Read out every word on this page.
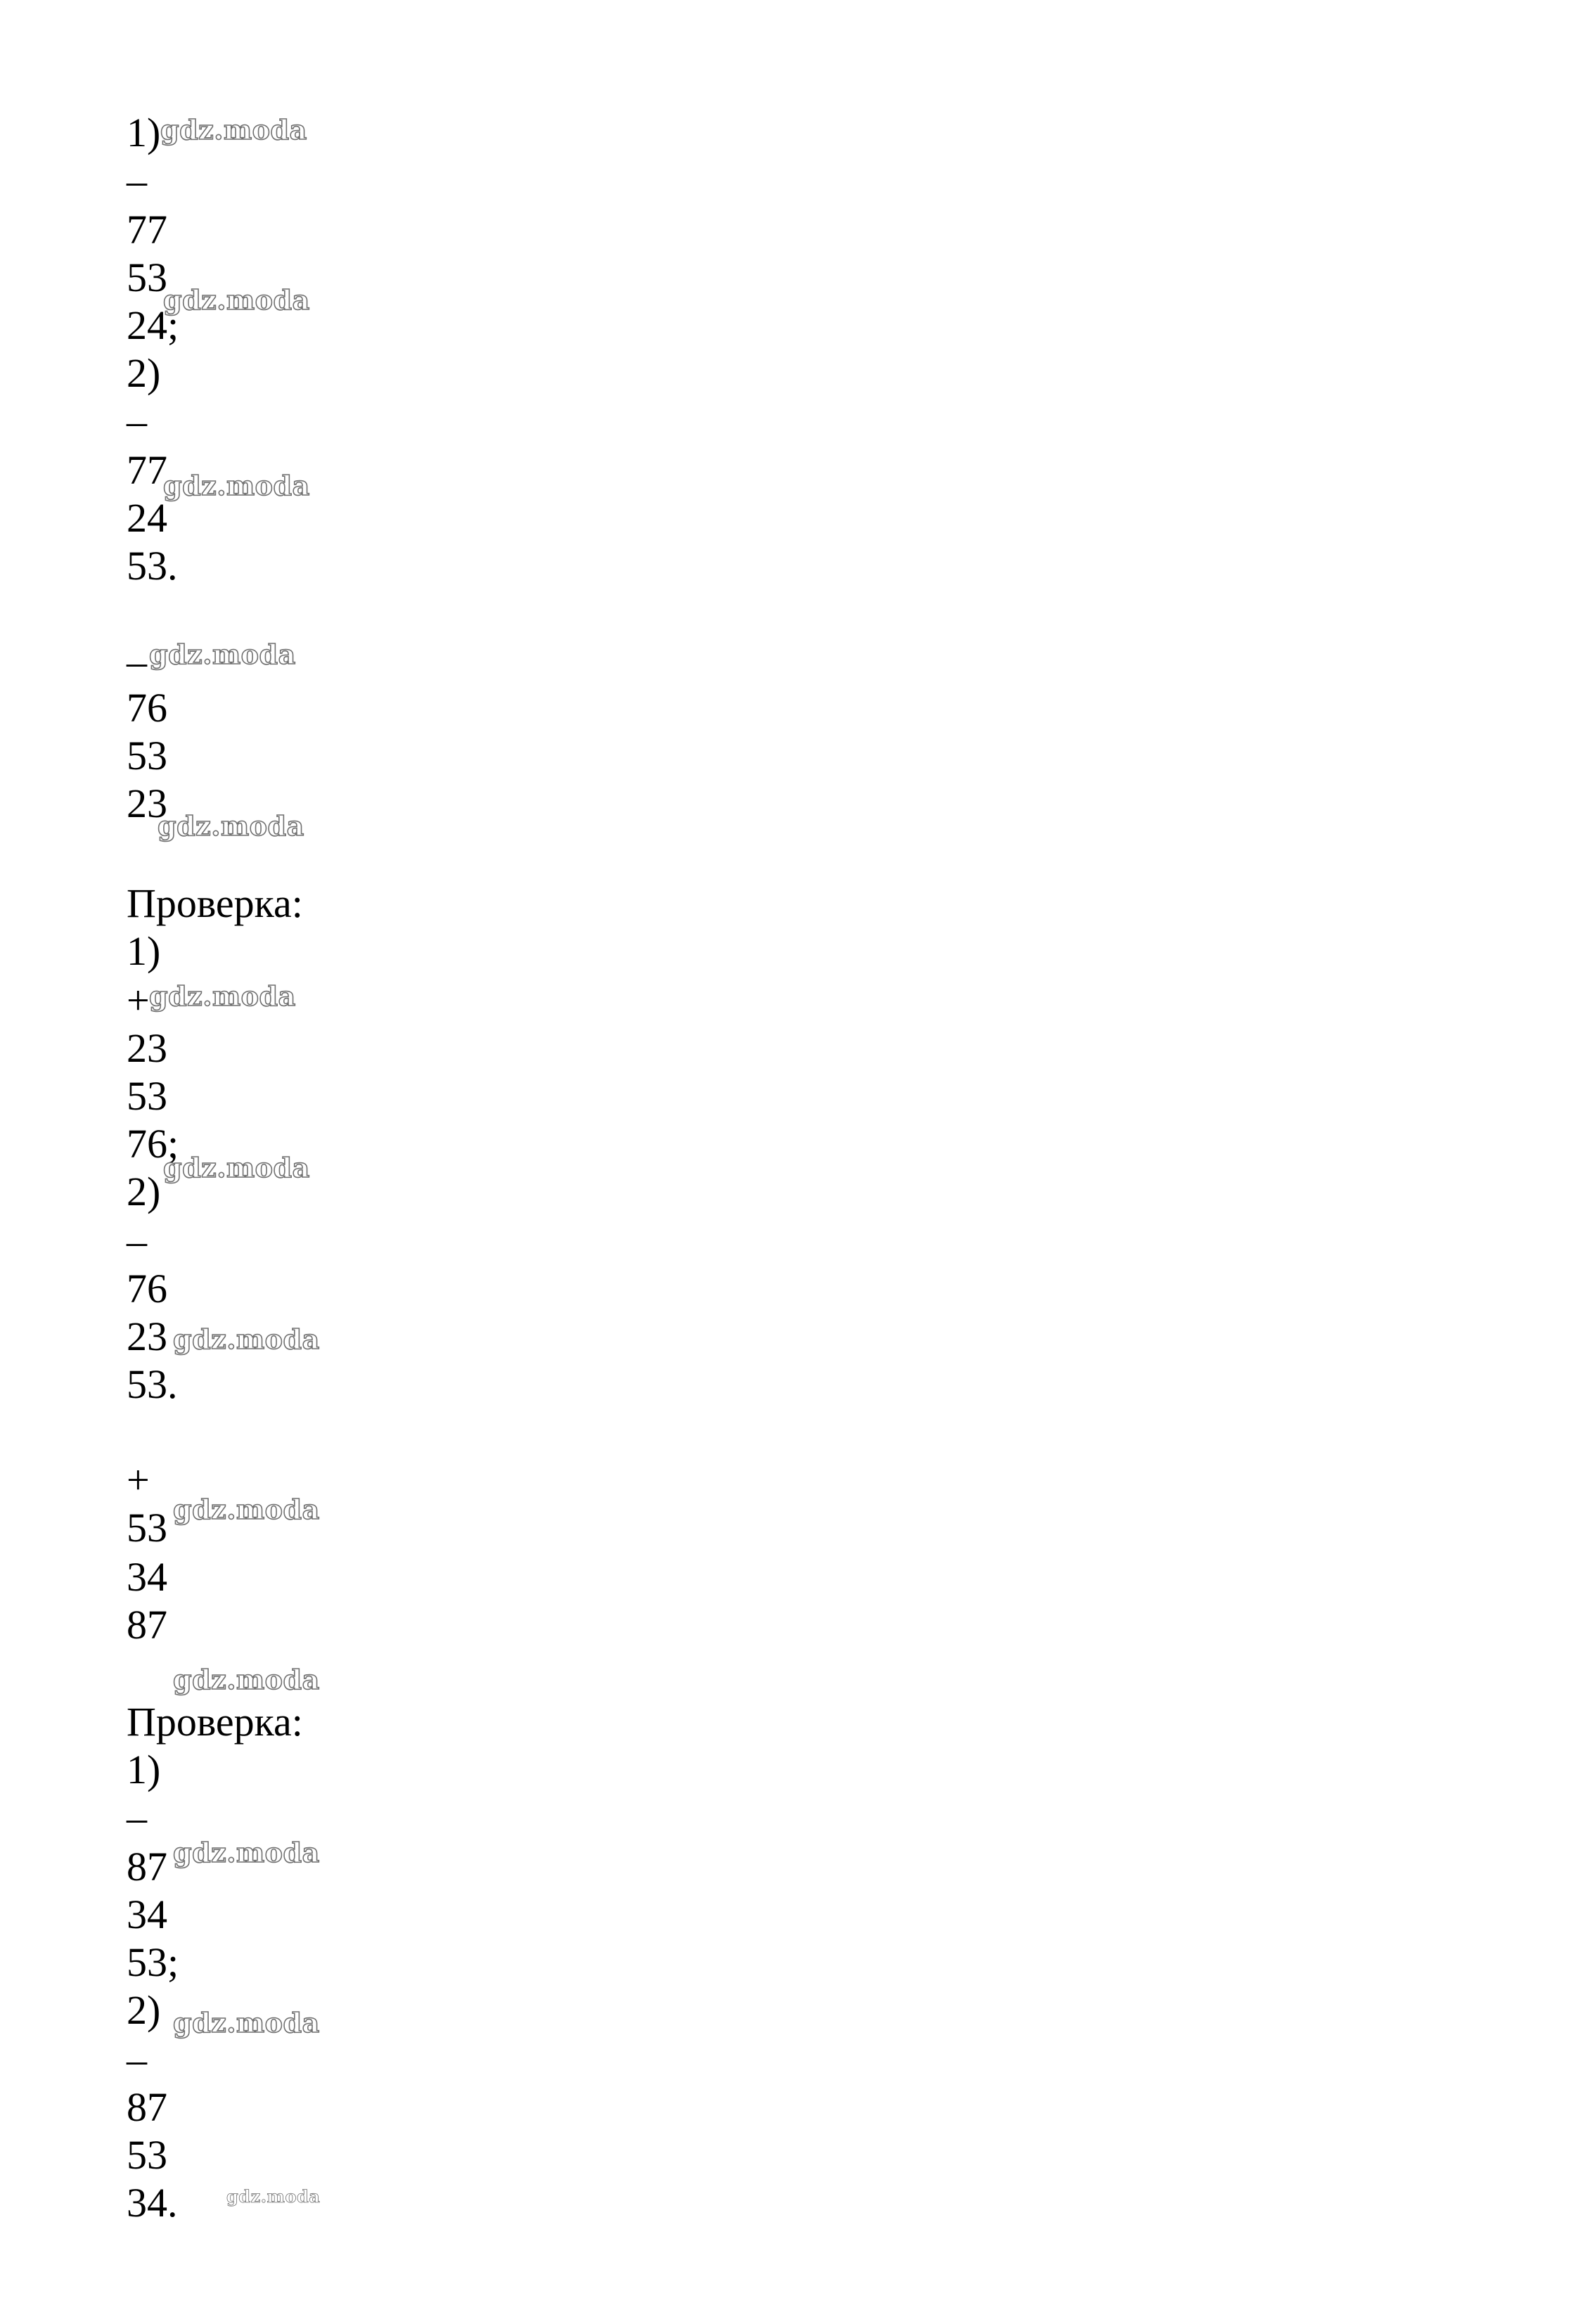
1)
–
77
53
24;
2)
–
77
24
53.
–
76
53
23
Проверка:
1)
+
23
53
76;
2)
–
76
23
53.
+
53
34
87
Проверка:
1)
–
87
34
53;
2)
–
87
53
34.
gdz.moda
gdz.moda
gdz.moda
gdz.moda
gdz.moda
gdz.moda
gdz.moda
gdz.moda
gdz.moda
gdz.moda
gdz.moda
gdz.moda
gdz.moda
